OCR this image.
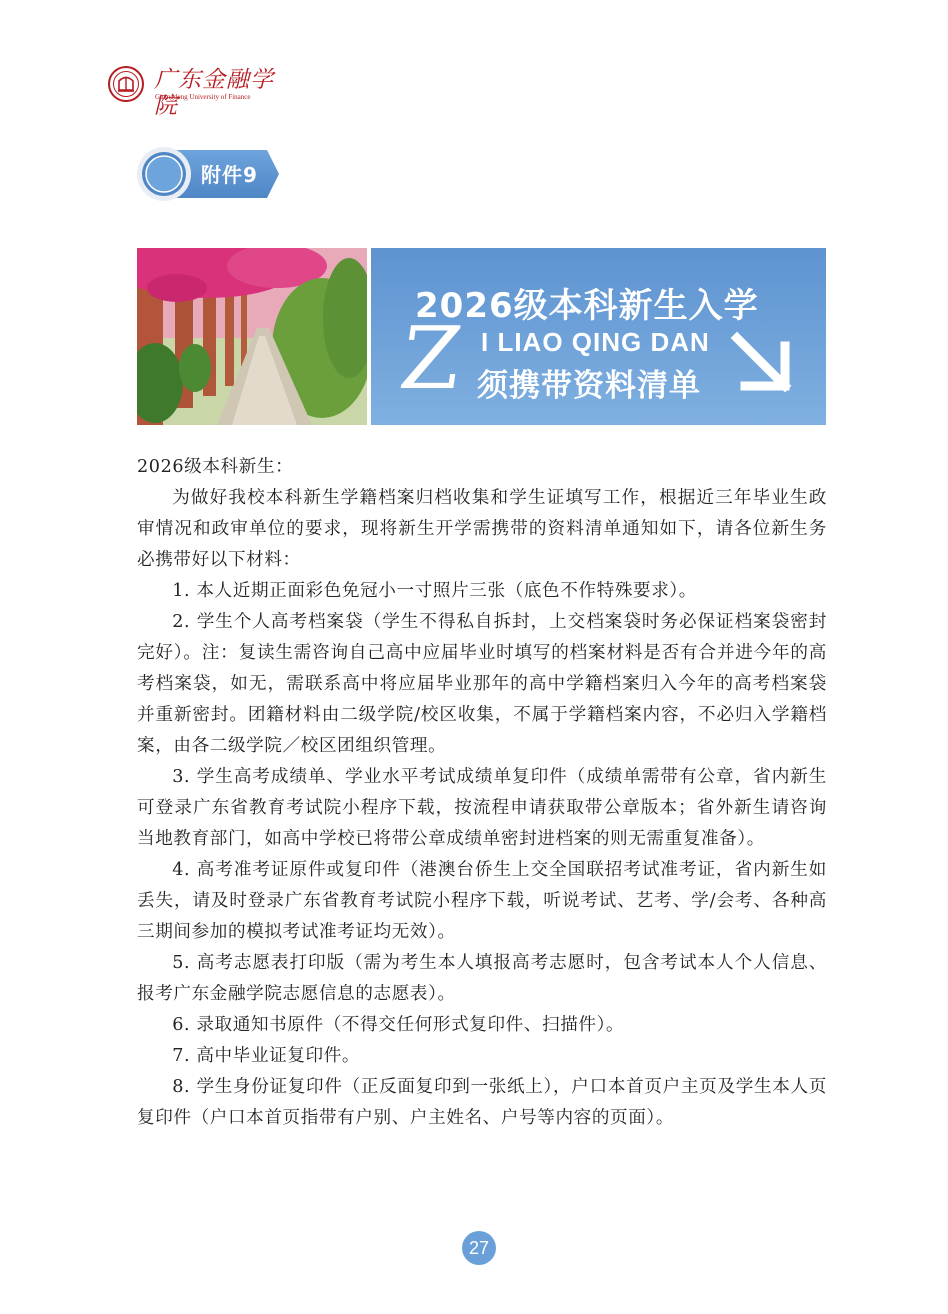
广东金融学院
Guangdong University of Finance
附件9
2026级本科新生入学
Z I LIAO QING DAN
须携带资料清单

2026级本科新生：

为做好我校本科新生学籍档案归档收集和学生证填写工作，根据近三年毕业生政审情况和政审单位的要求，现将新生开学需携带的资料清单通知如下，请各位新生务必携带好以下材料：

1. 本人近期正面彩色免冠小一寸照片三张（底色不作特殊要求）。

2. 学生个人高考档案袋（学生不得私自拆封，上交档案袋时务必保证档案袋密封完好）。注：复读生需咨询自己高中应届毕业时填写的档案材料是否有合并进今年的高考档案袋，如无，需联系高中将应届毕业那年的高中学籍档案归入今年的高考档案袋并重新密封。团籍材料由二级学院/校区收集，不属于学籍档案内容，不必归入学籍档案，由各二级学院／校区团组织管理。

3. 学生高考成绩单、学业水平考试成绩单复印件（成绩单需带有公章，省内新生可登录广东省教育考试院小程序下载，按流程申请获取带公章版本；省外新生请咨询当地教育部门，如高中学校已将带公章成绩单密封进档案的则无需重复准备）。

4. 高考准考证原件或复印件（港澳台侨生上交全国联招考试准考证，省内新生如丢失，请及时登录广东省教育考试院小程序下载，听说考试、艺考、学/会考、各种高三期间参加的模拟考试准考证均无效）。

5. 高考志愿表打印版（需为考生本人填报高考志愿时，包含考试本人个人信息、报考广东金融学院志愿信息的志愿表）。

6. 录取通知书原件（不得交任何形式复印件、扫描件）。

7. 高中毕业证复印件。

8. 学生身份证复印件（正反面复印到一张纸上），户口本首页户主页及学生本人页复印件（户口本首页指带有户别、户主姓名、户号等内容的页面）。

27
